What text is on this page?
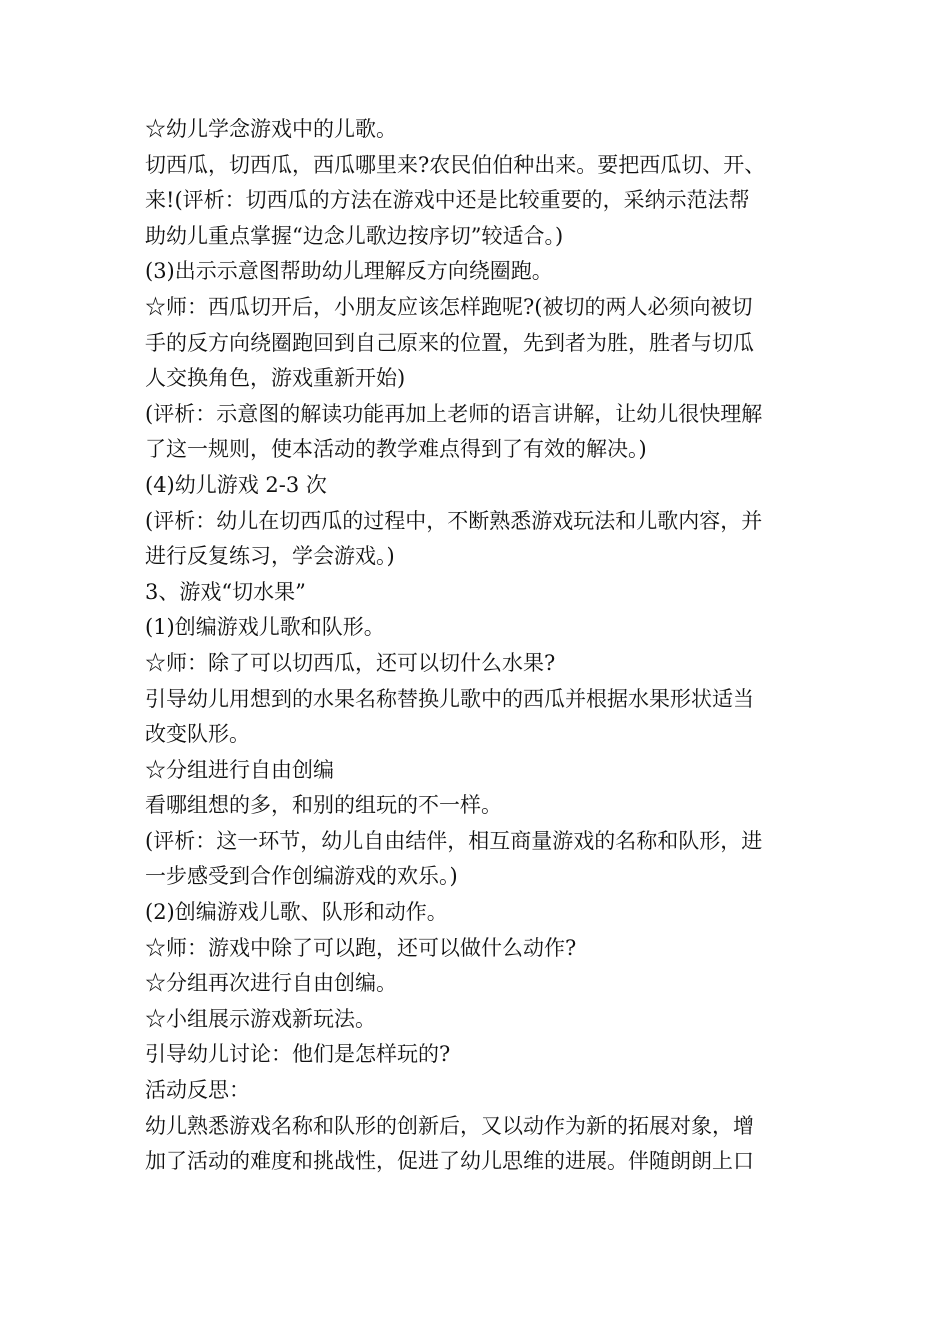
☆幼儿学念游戏中的儿歌。
切西瓜，切西瓜，西瓜哪里来?农民伯伯种出来。要把西瓜切、开、
来!(评析：切西瓜的方法在游戏中还是比较重要的，采纳示范法帮
助幼儿重点掌握“边念儿歌边按序切”较适合。)
(3)出示示意图帮助幼儿理解反方向绕圈跑。
☆师：西瓜切开后，小朋友应该怎样跑呢?(被切的两人必须向被切
手的反方向绕圈跑回到自己原来的位置，先到者为胜，胜者与切瓜
人交换角色，游戏重新开始)
(评析：示意图的解读功能再加上老师的语言讲解，让幼儿很快理解
了这一规则，使本活动的教学难点得到了有效的解决。)
(4)幼儿游戏 2-3 次
(评析：幼儿在切西瓜的过程中，不断熟悉游戏玩法和儿歌内容，并
进行反复练习，学会游戏。)
3、游戏“切水果”
(1)创编游戏儿歌和队形。
☆师：除了可以切西瓜，还可以切什么水果?
引导幼儿用想到的水果名称替换儿歌中的西瓜并根据水果形状适当
改变队形。
☆分组进行自由创编
看哪组想的多，和别的组玩的不一样。
(评析：这一环节，幼儿自由结伴，相互商量游戏的名称和队形，进
一步感受到合作创编游戏的欢乐。)
(2)创编游戏儿歌、队形和动作。
☆师：游戏中除了可以跑，还可以做什么动作?
☆分组再次进行自由创编。
☆小组展示游戏新玩法。
引导幼儿讨论：他们是怎样玩的?
活动反思：
幼儿熟悉游戏名称和队形的创新后，又以动作为新的拓展对象，增
加了活动的难度和挑战性，促进了幼儿思维的进展。伴随朗朗上口
